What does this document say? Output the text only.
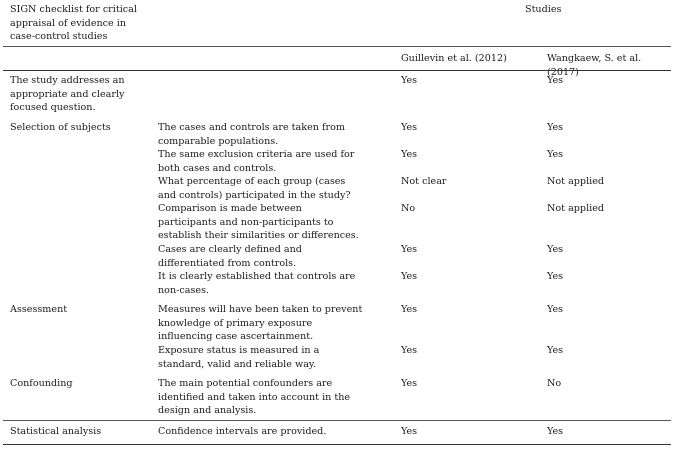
SIGN checklist for critical
appraisal of evidence in
case-control studies
Studies
Guillevin et al. (2012)	Wangkaew, S. et al. (2017)
The study addresses an
appropriate and clearly
focused question.
Yes	Yes
Selection of subjects	The cases and controls are taken from
comparable populations.
Yes	Yes
The same exclusion criteria are used for
both cases and controls.
Yes	Yes
What percentage of each group (cases
and controls) participated in the study?
Not clear	Not applied
Comparison is made between
participants and non-participants to
establish their similarities or differences.
No	Not applied
Cases are clearly defined and
differentiated from controls.
Yes	Yes
It is clearly established that controls are
non-cases.
Yes	Yes
Assessment	Measures will have been taken to prevent
knowledge of primary exposure
influencing case ascertainment.
Yes	Yes
Exposure status is measured in a
standard, valid and reliable way.
Yes	Yes
Confounding	The main potential confounders are
identified and taken into account in the
design and analysis.
Yes	No
Statistical analysis	Confidence intervals are provided.	Yes	Yes
